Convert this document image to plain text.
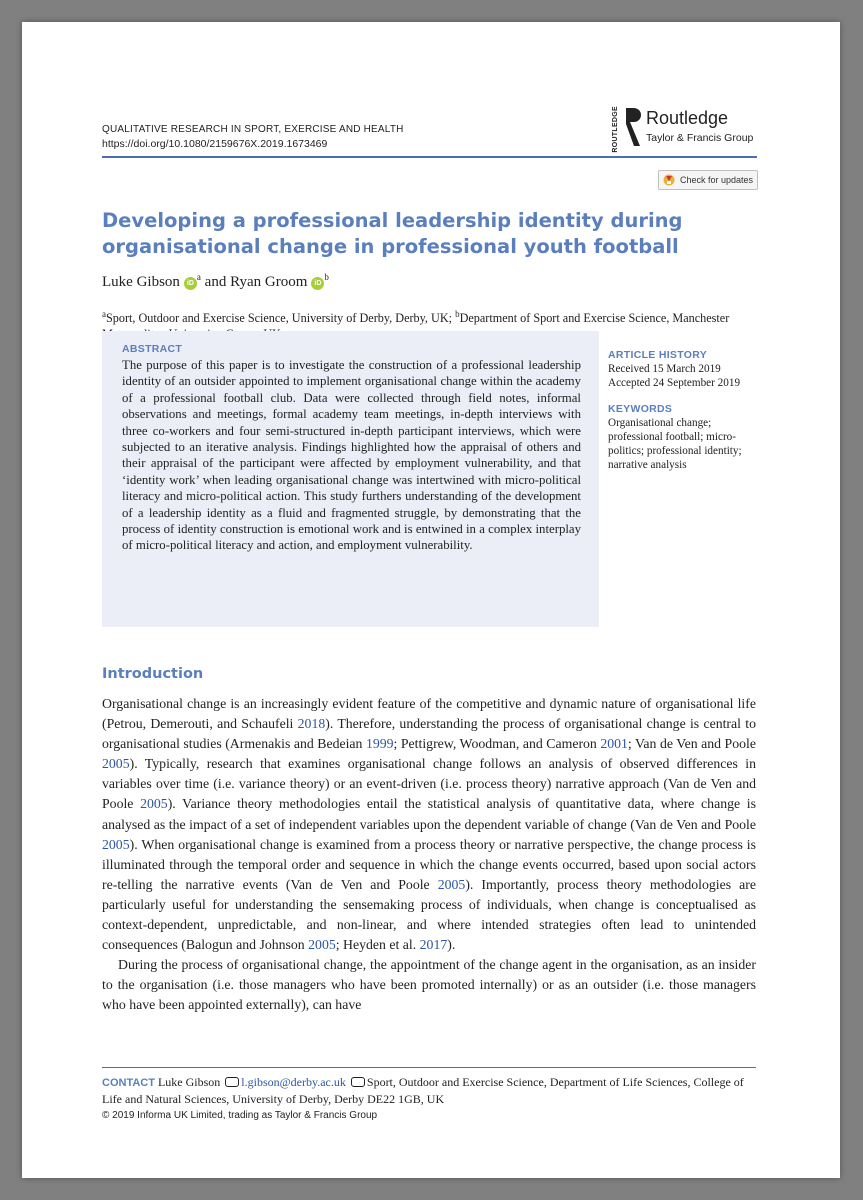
QUALITATIVE RESEARCH IN SPORT, EXERCISE AND HEALTH
https://doi.org/10.1080/2159676X.2019.1673469	ROUTLEDGE Routledge
Taylor & Francis Group
Check for updates
Developing a professional leadership identity during organisational change in professional youth football
Luke Gibson $iD^a$ and Ryan Groom $iD^b$
$^a$Sport, Outdoor and Exercise Science, University of Derby, Derby, UK; $^b$Department of Sport and Exercise Science, Manchester
ABSTRACT
The purpose of this paper is to investigate the construction of a professional leadership identity of an outsider appointed to implement organisational change within the academy of a professional football club. Data were collected through field notes, informal observations and meetings, formal academy team meetings, in-depth interviews with three co-workers and four semi-structured in-depth participant interviews, which were subjected to an iterative analysis. Findings highlighted how the appraisal of others and their appraisal of the participant were affected by employment vulnerability, and that ‘identity work’ when leading organisational change was intertwined with micro-political literacy and micro-political action. This study furthers understanding of the development of a leadership identity as a fluid and fragmented struggle, by demonstrating that the process of identity construction is emotional work and is entwined in a complex interplay of micro-political literacy and action, and employment vulnerability.
ARTICLE HISTORY
Received 15 March 2019
Accepted 24 September 2019
KEYWORDS
Organisational change; professional football; micro-politics; professional identity; narrative analysis
Introduction

Organisational change is an increasingly evident feature of the competitive and dynamic nature of organisational life (Petrou, Demerouti, and Schaufeli 2018). Therefore, understanding the process of organisational change is central to organisational studies (Armenakis and Bedeian 1999; Pettigrew, Woodman, and Cameron 2001; Van de Ven and Poole 2005). Typically, research that examines organisational change follows an analysis of observed differences in variables over time (i.e. variance theory) or an event-driven (i.e. process theory) narrative approach (Van de Ven and Poole 2005). Variance theory methodologies entail the statistical analysis of quantitative data, where change is analysed as the impact of a set of independent variables upon the dependent variable of change (Van de Ven and Poole 2005). When organisational change is examined from a process theory or narrative perspective, the change process is illuminated through the temporal order and sequence in which the change events occurred, based upon social actors re-telling the narrative events (Van de Ven and Poole 2005). Importantly, process theory methodologies are particularly useful for understanding the sensemaking process of individuals, when change is conceptualised as context-dependent, unpredictable, and non-linear, and where intended strategies often lead to unintended consequences (Balogun and Johnson 2005; Heyden et al. 2017).

During the process of organisational change, the appointment of the change agent in the organisation, as an insider to the organisation (i.e. those managers who have been promoted internally) or as an outsider (i.e. those managers who have been appointed externally), can have

CONTACT Luke Gibson l.gibson@derby.ac.uk Sport, Outdoor and Exercise Science, Department of Life Sciences, College of Life and Natural Sciences, University of Derby, Derby DE22 1GB, UK
© 2019 Informa UK Limited, trading as Taylor & Francis Group
